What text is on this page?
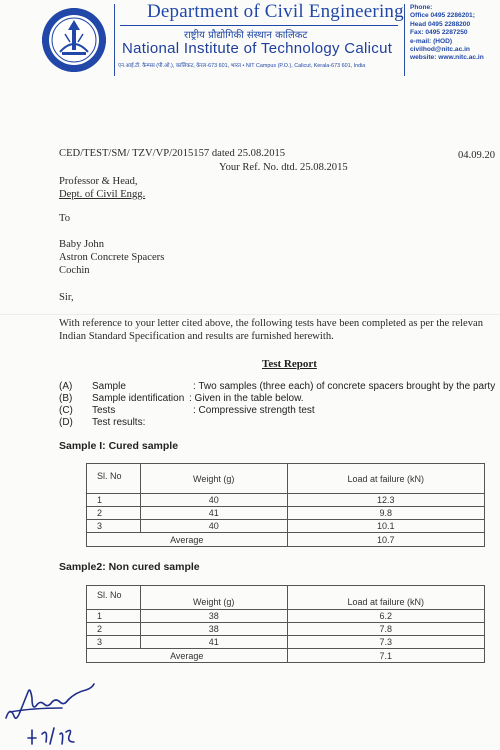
Department of Civil Engineering
राष्ट्रीय प्रौद्योगिकी संस्थान कालिकट
National Institute of Technology Calicut
एन.आई.टी. कैम्पस (पी.ओ.), कालिकट, केरल-673 601, भारत • NIT Campus (P.O.), Calicut, Kerala-673 601, India
Phone:
Office 0495 2286201;
Head 0495 2288200
Fax: 0495 2287250
e-mail: (HOD)
civilhod@nitc.ac.in
website: www.nitc.ac.in
CED/TEST/SM/ TZV/VP/2015157 dated 25.08.2015	04.09.20
Your Ref. No. dtd. 25.08.2015
Professor & Head,
Dept. of Civil Engg.
To
Baby John
Astron Concrete Spacers
Cochin
Sir,
With reference to your letter cited above, the following tests have been completed as per the relevan
Indian Standard Specification and results are furnished herewith.
Test Report
(A) Sample	: Two samples (three each) of concrete spacers brought by the party
(B) Sample identification : Given in the table below.
(C) Tests	: Compressive strength test
(D) Test results:
Sample I: Cured sample
Sl. No	Weight (g)	Load at failure (kN)
1	40	12.3
2	41	9.8
3	40	10.1
Average		10.7
Sample2: Non cured sample
Sl. No	Weight (g)	Load at failure (kN)
1	38	6.2
2	38	7.8
3	41	7.3
Average		7.1
